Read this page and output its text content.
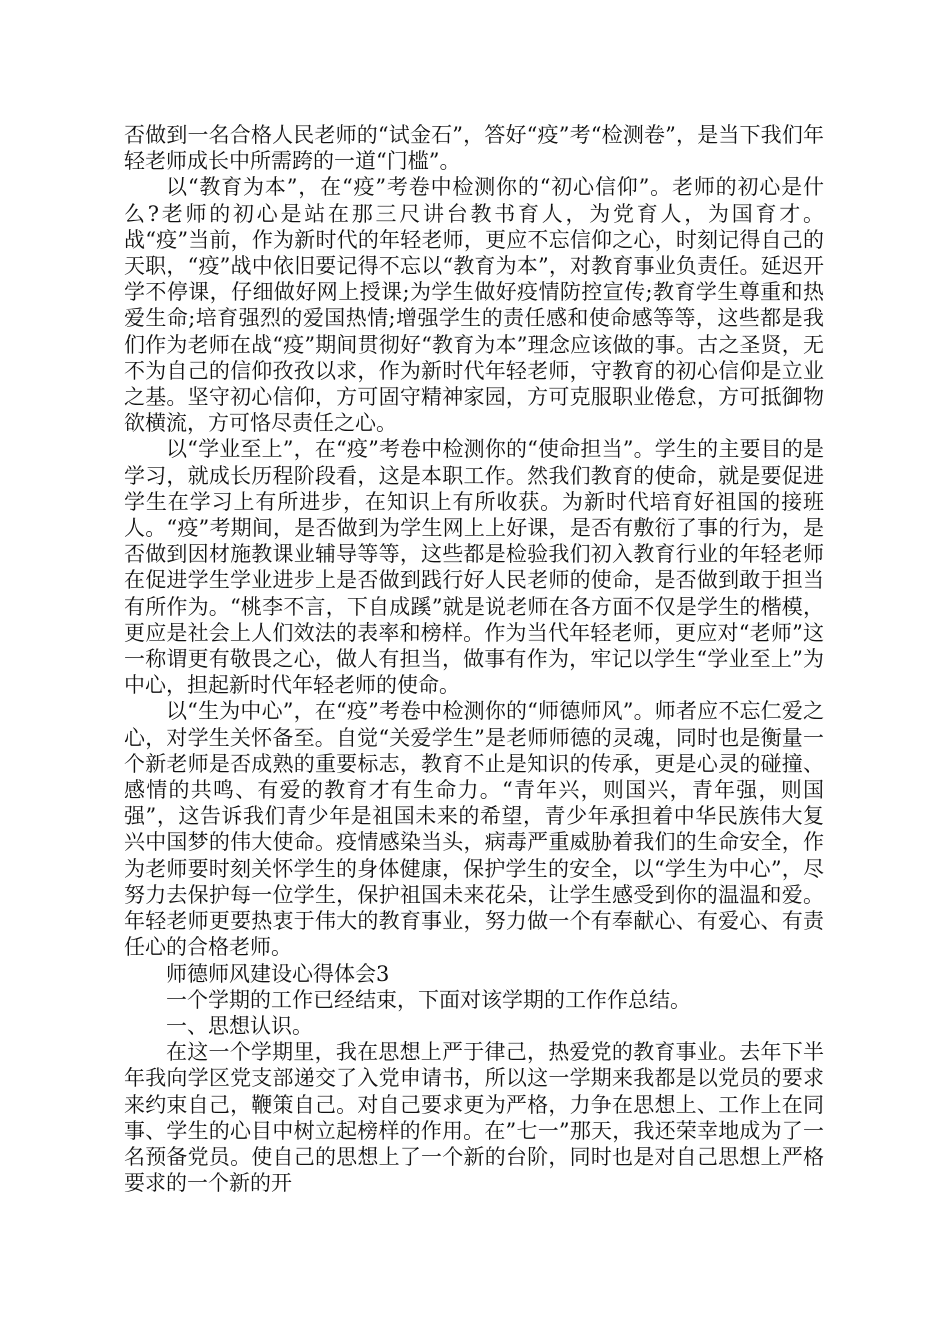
否做到一名合格人民老师的“试金石”，答好“疫”考“检测卷”，是当下我们年轻老师成长中所需跨的一道“门槛”。

以“教育为本”，在“疫”考卷中检测你的“初心信仰”。老师的初心是什么?老师的初心是站在那三尺讲台教书育人，为党育人，为国育才。战“疫”当前，作为新时代的年轻老师，更应不忘信仰之心，时刻记得自己的天职，“疫”战中依旧要记得不忘以“教育为本”，对教育事业负责任。延迟开学不停课，仔细做好网上授课;为学生做好疫情防控宣传;教育学生尊重和热爱生命;培育强烈的爱国热情;增强学生的责任感和使命感等等，这些都是我们作为老师在战“疫”期间贯彻好“教育为本”理念应该做的事。古之圣贤，无不为自己的信仰孜孜以求，作为新时代年轻老师，守教育的初心信仰是立业之基。坚守初心信仰，方可固守精神家园，方可克服职业倦怠，方可抵御物欲横流，方可恪尽责任之心。

以“学业至上”，在“疫”考卷中检测你的“使命担当”。学生的主要目的是学习，就成长历程阶段看，这是本职工作。然我们教育的使命，就是要促进学生在学习上有所进步，在知识上有所收获。为新时代培育好祖国的接班人。“疫”考期间，是否做到为学生网上上好课，是否有敷衍了事的行为，是否做到因材施教课业辅导等等，这些都是检验我们初入教育行业的年轻老师在促进学生学业进步上是否做到践行好人民老师的使命，是否做到敢于担当有所作为。“桃李不言，下自成蹊”就是说老师在各方面不仅是学生的楷模，更应是社会上人们效法的表率和榜样。作为当代年轻老师，更应对“老师”这一称谓更有敬畏之心，做人有担当，做事有作为，牢记以学生“学业至上”为中心，担起新时代年轻老师的使命。

以“生为中心”，在“疫”考卷中检测你的“师德师风”。师者应不忘仁爱之心，对学生关怀备至。自觉“关爱学生”是老师师德的灵魂，同时也是衡量一个新老师是否成熟的重要标志，教育不止是知识的传承，更是心灵的碰撞、感情的共鸣、有爱的教育才有生命力。“青年兴，则国兴，青年强，则国强”，这告诉我们青少年是祖国未来的希望，青少年承担着中华民族伟大复兴中国梦的伟大使命。疫情感染当头，病毒严重威胁着我们的生命安全，作为老师要时刻关怀学生的身体健康，保护学生的安全，以“学生为中心”，尽努力去保护每一位学生，保护祖国未来花朵，让学生感受到你的温温和爱。年轻老师更要热衷于伟大的教育事业，努力做一个有奉献心、有爱心、有责任心的合格老师。

师德师风建设心得体会3

一个学期的工作已经结束，下面对该学期的工作作总结。

一、思想认识。

在这一个学期里，我在思想上严于律己，热爱党的教育事业。去年下半年我向学区党支部递交了入党申请书，所以这一学期来我都是以党员的要求来约束自己，鞭策自己。对自己要求更为严格，力争在思想上、工作上在同事、学生的心目中树立起榜样的作用。在”七一”那天，我还荣幸地成为了一名预备党员。使自己的思想上了一个新的台阶，同时也是对自己思想上严格要求的一个新的开
